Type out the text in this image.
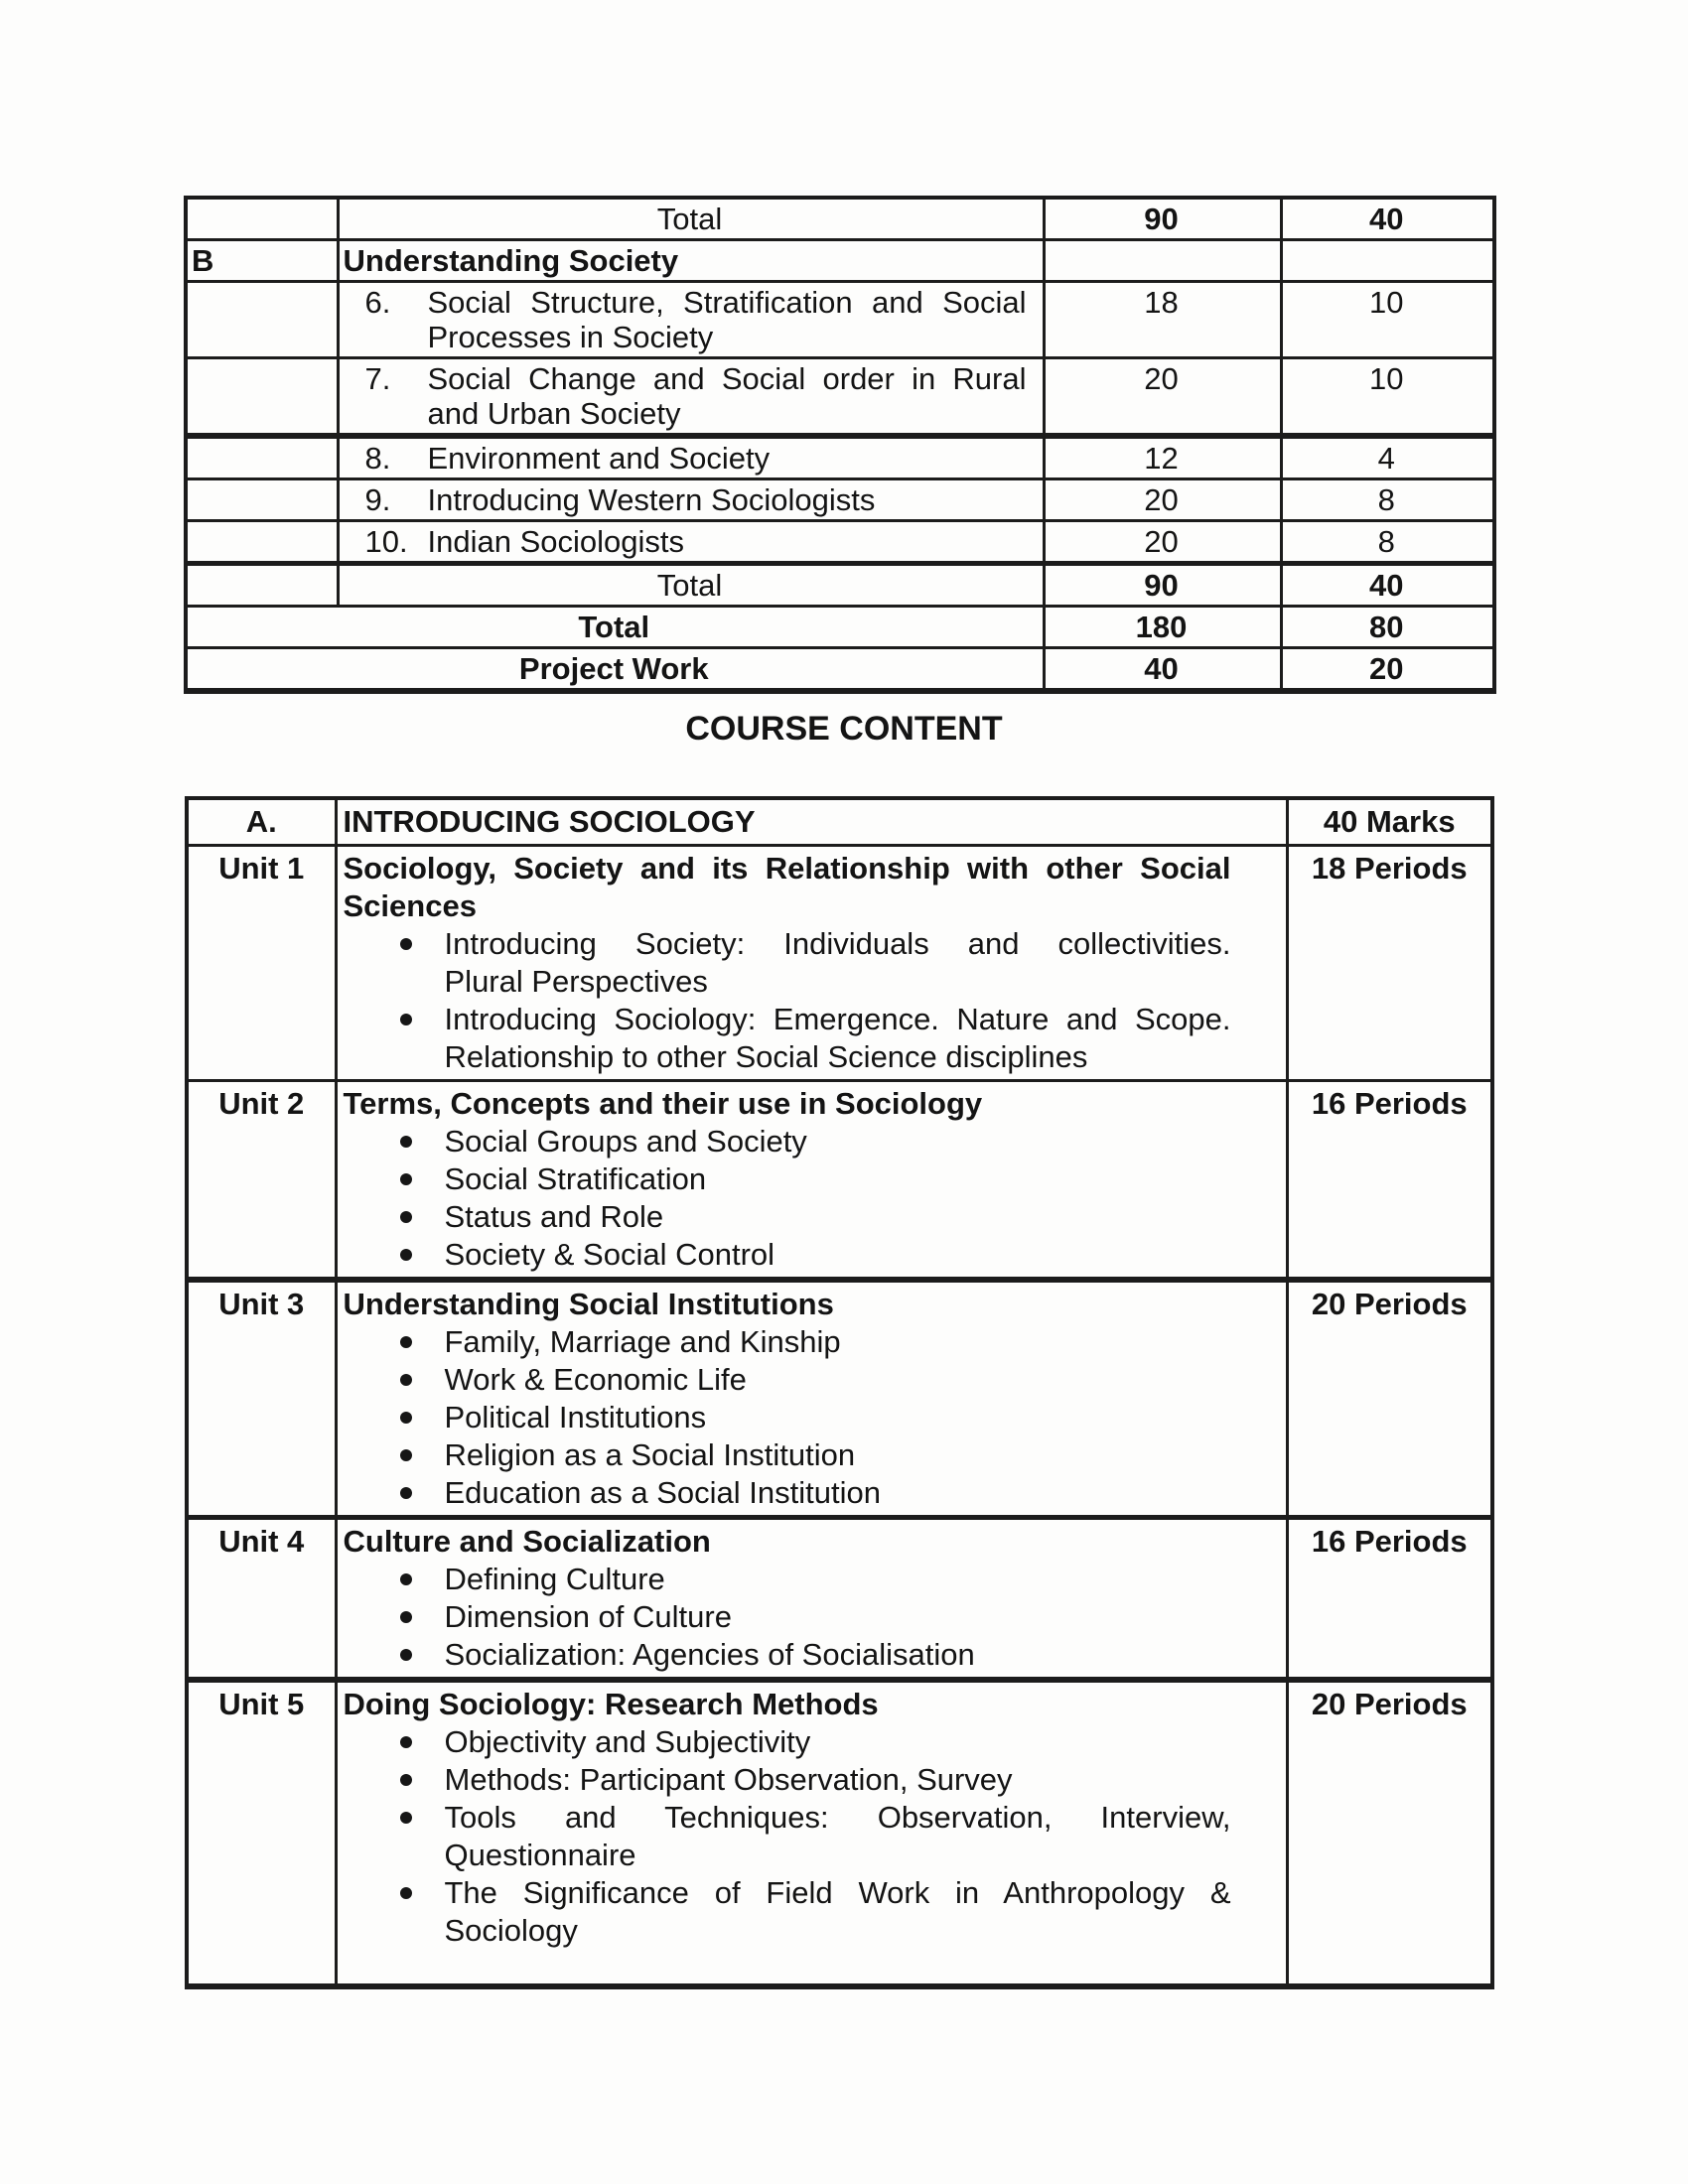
	Total	90	40

B	Understanding Society		

	6. Social Structure, Stratification and Social
Processes in Society	18	10

	7. Social Change and Social order in Rural
and Urban Society	20	10

	8. Environment and Society	12	4

	9. Introducing Western Sociologists	20	8

	10. Indian Sociologists	20	8

	Total	90	40

Total		180	80

Project Work		40	20
COURSE CONTENT
A.	INTRODUCING SOCIOLOGY	40 Marks

Unit 1	Sociology, Society and its Relationship with other Social
Sciences
Introducing Society: Individuals and collectivities.
Plural Perspectives
Introducing Sociology: Emergence. Nature and Scope.
Relationship to other Social Science disciplines

18 Periods

Unit 2	Terms, Concepts and their use in Sociology
Social Groups and Society
Social Stratification
Status and Role
Society & Social Control	16 Periods

Unit 3	Understanding Social Institutions
Family, Marriage and Kinship
Work & Economic Life
Political Institutions
Religion as a Social Institution
Education as a Social Institution

20 Periods

Unit 4	Culture and Socialization
Defining Culture
Dimension of Culture
Socialization: Agencies of Socialisation	16 Periods

Unit 5	Doing Sociology: Research Methods
Objectivity and Subjectivity
Methods: Participant Observation, Survey
Tools and Techniques: Observation, Interview,
Questionnaire
The Significance of Field Work in Anthropology &
Sociology

20 Periods
